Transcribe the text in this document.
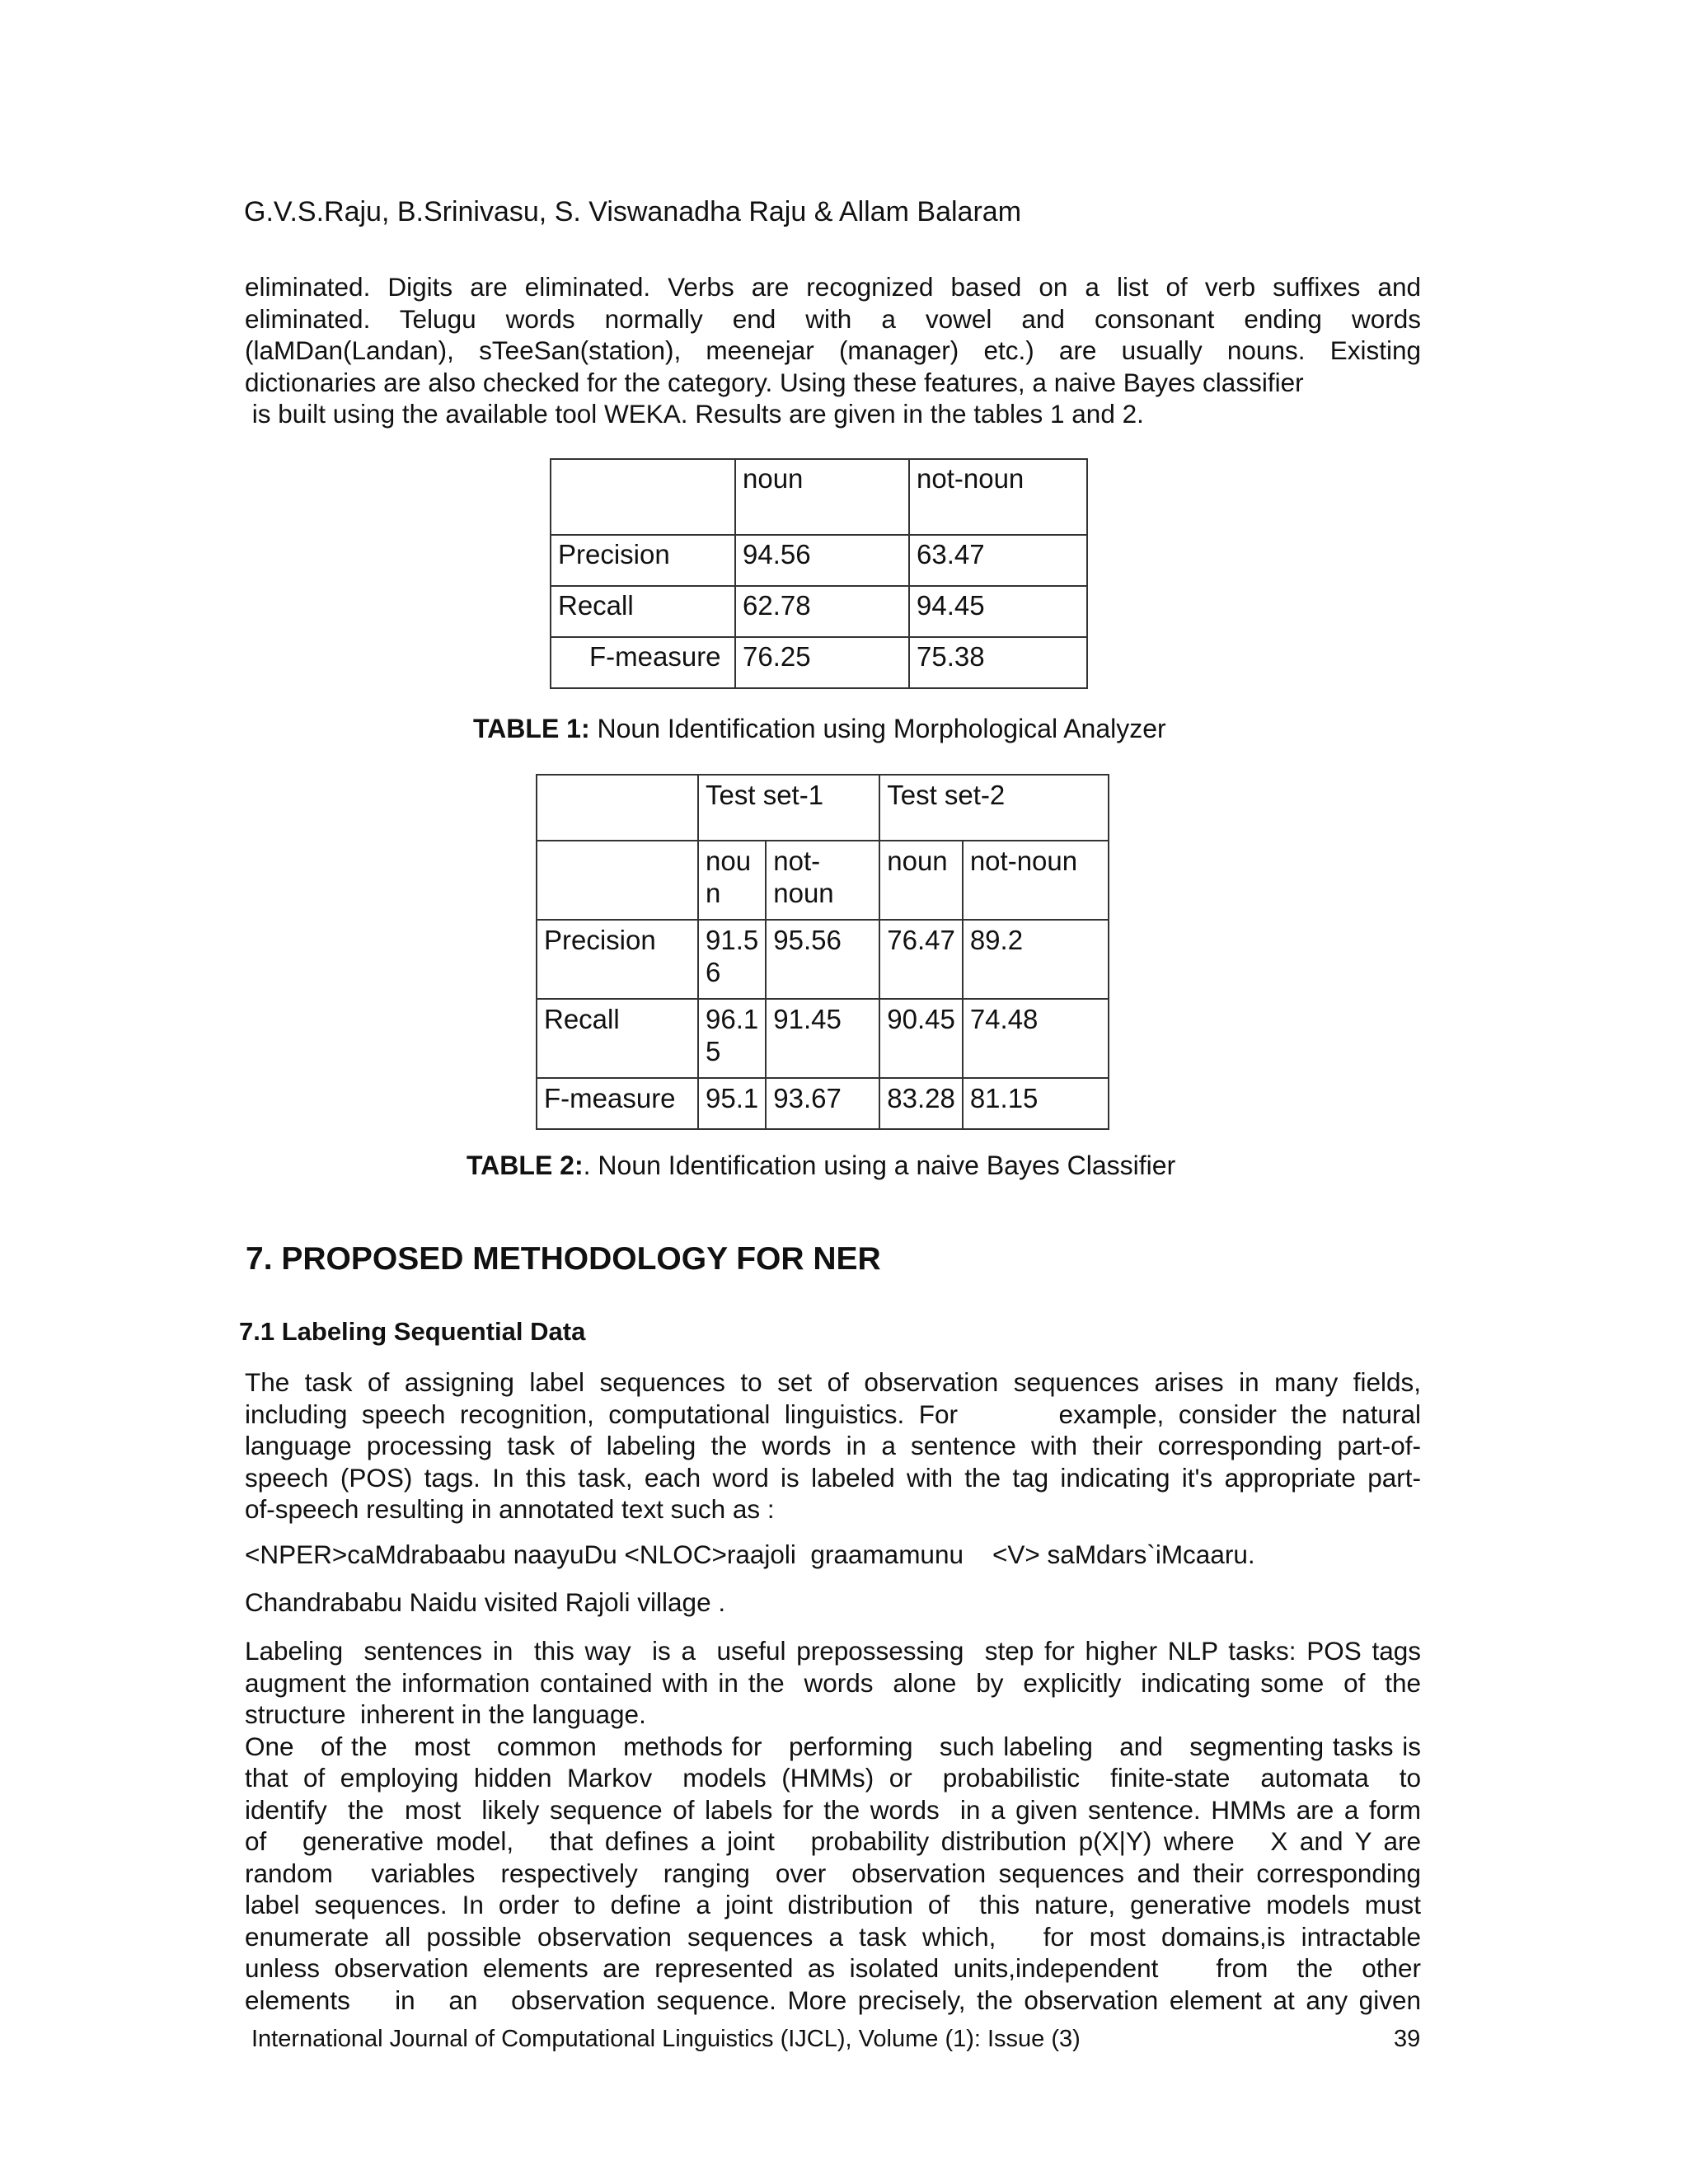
G.V.S.Raju, B.Srinivasu, S. Viswanadha Raju & Allam Balaram
eliminated. Digits are eliminated. Verbs are recognized based on a list of verb suffixes and
eliminated. Telugu words normally end with a vowel and consonant ending words
(laMDan(Landan), sTeeSan(station), meenejar (manager) etc.) are usually nouns. Existing
dictionaries are also checked for the category. Using these features, a naive Bayes classifier
is built using the available tool WEKA. Results are given in the tables 1 and 2.
	noun	not-noun
Precision	94.56	63.47
Recall	62.78	94.45
F-measure	76.25	75.38
TABLE 1: Noun Identification using Morphological Analyzer
	Test set-1		Test set-2	
	nou n	not- noun	noun	not-noun
Precision	91.5 6	95.56	76.47	89.2
Recall	96.1 5	91.45	90.45	74.48
F-measure	95.1	93.67	83.28	81.15
TABLE 2:. Noun Identification using a naive Bayes Classifier
7. PROPOSED METHODOLOGY FOR NER
7.1 Labeling Sequential Data
The task of assigning label sequences to set of observation sequences arises in many fields,
including speech recognition, computational linguistics. For       example, consider the natural
language processing task of labeling the words in a sentence with their corresponding part-of-
speech (POS) tags. In this task, each word is labeled with the tag indicating it's appropriate part-
of-speech resulting in annotated text such as :
<NPER>caMdrabaabu naayuDu <NLOC>raajoli  graamamunu    <V> saMdars`iMcaaru.
Chandrababu Naidu visited Rajoli village .
Labeling  sentences in  this way  is a  useful prepossessing  step for higher NLP tasks: POS tags
augment the information contained with in the  words  alone  by  explicitly  indicating some  of  the
structure  inherent in the language.
One   of the   most   common   methods for   performing   such labeling   and   segmenting tasks is
that of employing hidden Markov  models (HMMs) or  probabilistic  finite-state  automata  to
identify  the  most  likely sequence of labels for the words  in a given sentence. HMMs are a form
of   generative model,   that defines a joint   probability distribution p(X|Y) where   X and Y are
random   variables  respectively  ranging  over  observation sequences and their corresponding
label sequences. In order to define a joint distribution of  this nature, generative models must
enumerate all possible observation sequences a task which,   for most domains,is intractable
unless observation elements are represented as isolated units,independent    from  the  other
elements    in   an   observation sequence. More precisely, the observation element at any given
International Journal of Computational Linguistics (IJCL), Volume (1): Issue (3)	39
